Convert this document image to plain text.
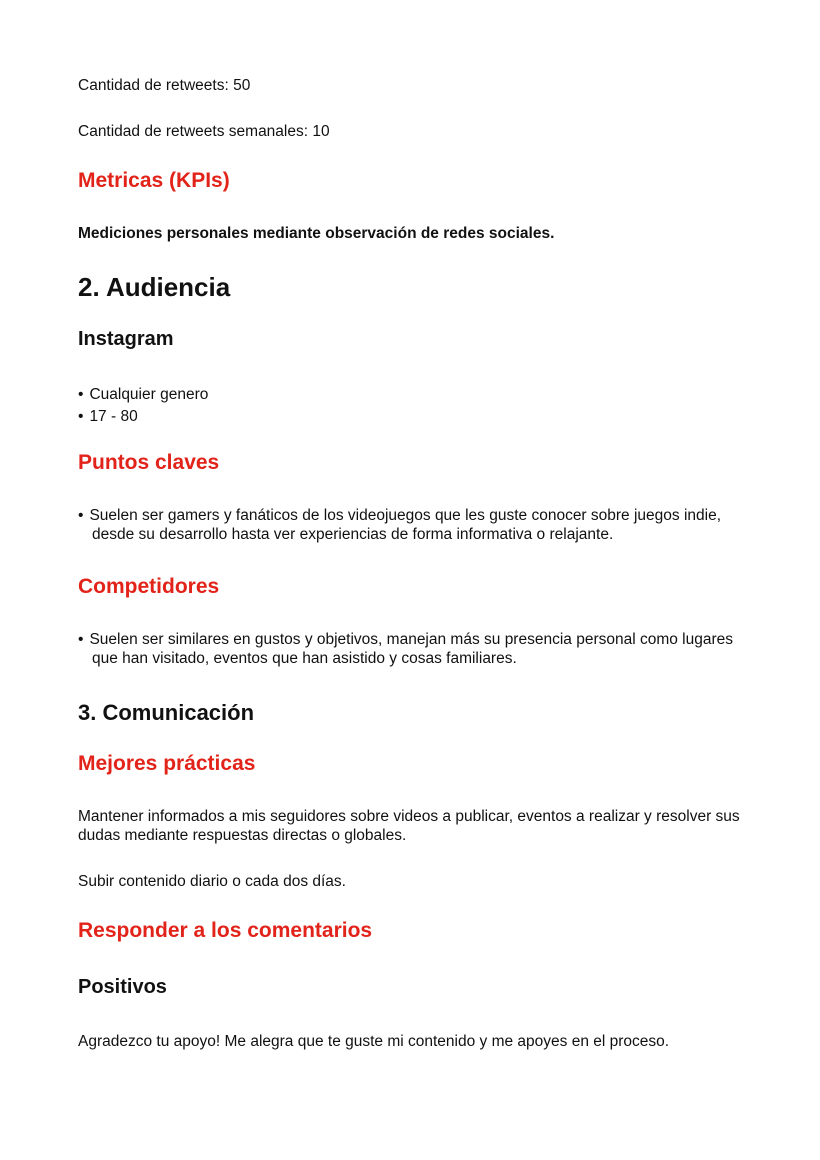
Cantidad de retweets: 50

Cantidad de retweets semanales: 10

Metricas (KPIs)

Mediciones personales mediante observación de redes sociales.

2. Audiencia
Instagram
• Cualquier genero
• 17 - 80
Puntos claves

• Suelen ser gamers y fanáticos de los videojuegos que les guste conocer sobre juegos indie, desde su desarrollo hasta ver experiencias de forma informativa o relajante.

Competidores

• Suelen ser similares en gustos y objetivos, manejan más su presencia personal como lugares que han visitado, eventos que han asistido y cosas familiares.

3. Comunicación
Mejores prácticas

Mantener informados a mis seguidores sobre videos a publicar, eventos a realizar y resolver sus dudas mediante respuestas directas o globales.

Subir contenido diario o cada dos días.

Responder a los comentarios
Positivos

Agradezco tu apoyo! Me alegra que te guste mi contenido y me apoyes en el proceso.
